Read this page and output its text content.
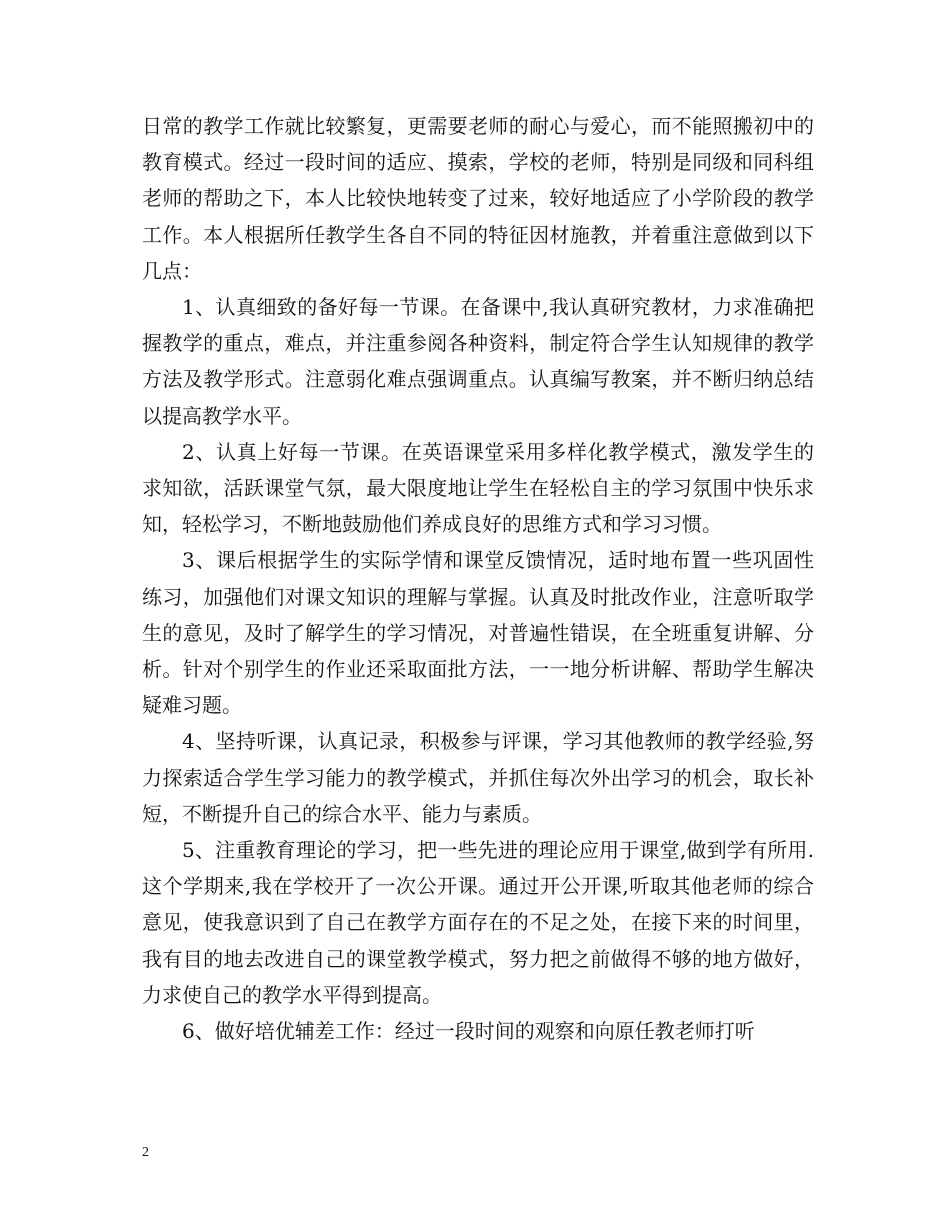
日常的教学工作就比较繁复，更需要老师的耐心与爱心，而不能照搬初中的教育模式。经过一段时间的适应、摸索，学校的老师，特别是同级和同科组老师的帮助之下，本人比较快地转变了过来，较好地适应了小学阶段的教学工作。本人根据所任教学生各自不同的特征因材施教，并着重注意做到以下几点：

1、认真细致的备好每一节课。在备课中,我认真研究教材，力求准确把握教学的重点，难点，并注重参阅各种资料，制定符合学生认知规律的教学方法及教学形式。注意弱化难点强调重点。认真编写教案，并不断归纳总结以提高教学水平。

2、认真上好每一节课。在英语课堂采用多样化教学模式，激发学生的求知欲，活跃课堂气氛，最大限度地让学生在轻松自主的学习氛围中快乐求知，轻松学习，不断地鼓励他们养成良好的思维方式和学习习惯。

3、课后根据学生的实际学情和课堂反馈情况，适时地布置一些巩固性练习，加强他们对课文知识的理解与掌握。认真及时批改作业，注意听取学生的意见，及时了解学生的学习情况，对普遍性错误，在全班重复讲解、分析。针对个别学生的作业还采取面批方法，一一地分析讲解、帮助学生解决疑难习题。

4、坚持听课，认真记录，积极参与评课，学习其他教师的教学经验,努力探索适合学生学习能力的教学模式，并抓住每次外出学习的机会，取长补短，不断提升自己的综合水平、能力与素质。

5、注重教育理论的学习，把一些先进的理论应用于课堂,做到学有所用.这个学期来,我在学校开了一次公开课。通过开公开课,听取其他老师的综合意见，使我意识到了自己在教学方面存在的不足之处，在接下来的时间里，我有目的地去改进自己的课堂教学模式，努力把之前做得不够的地方做好，力求使自己的教学水平得到提高。

6、做好培优辅差工作：经过一段时间的观察和向原任教老师打听

2
